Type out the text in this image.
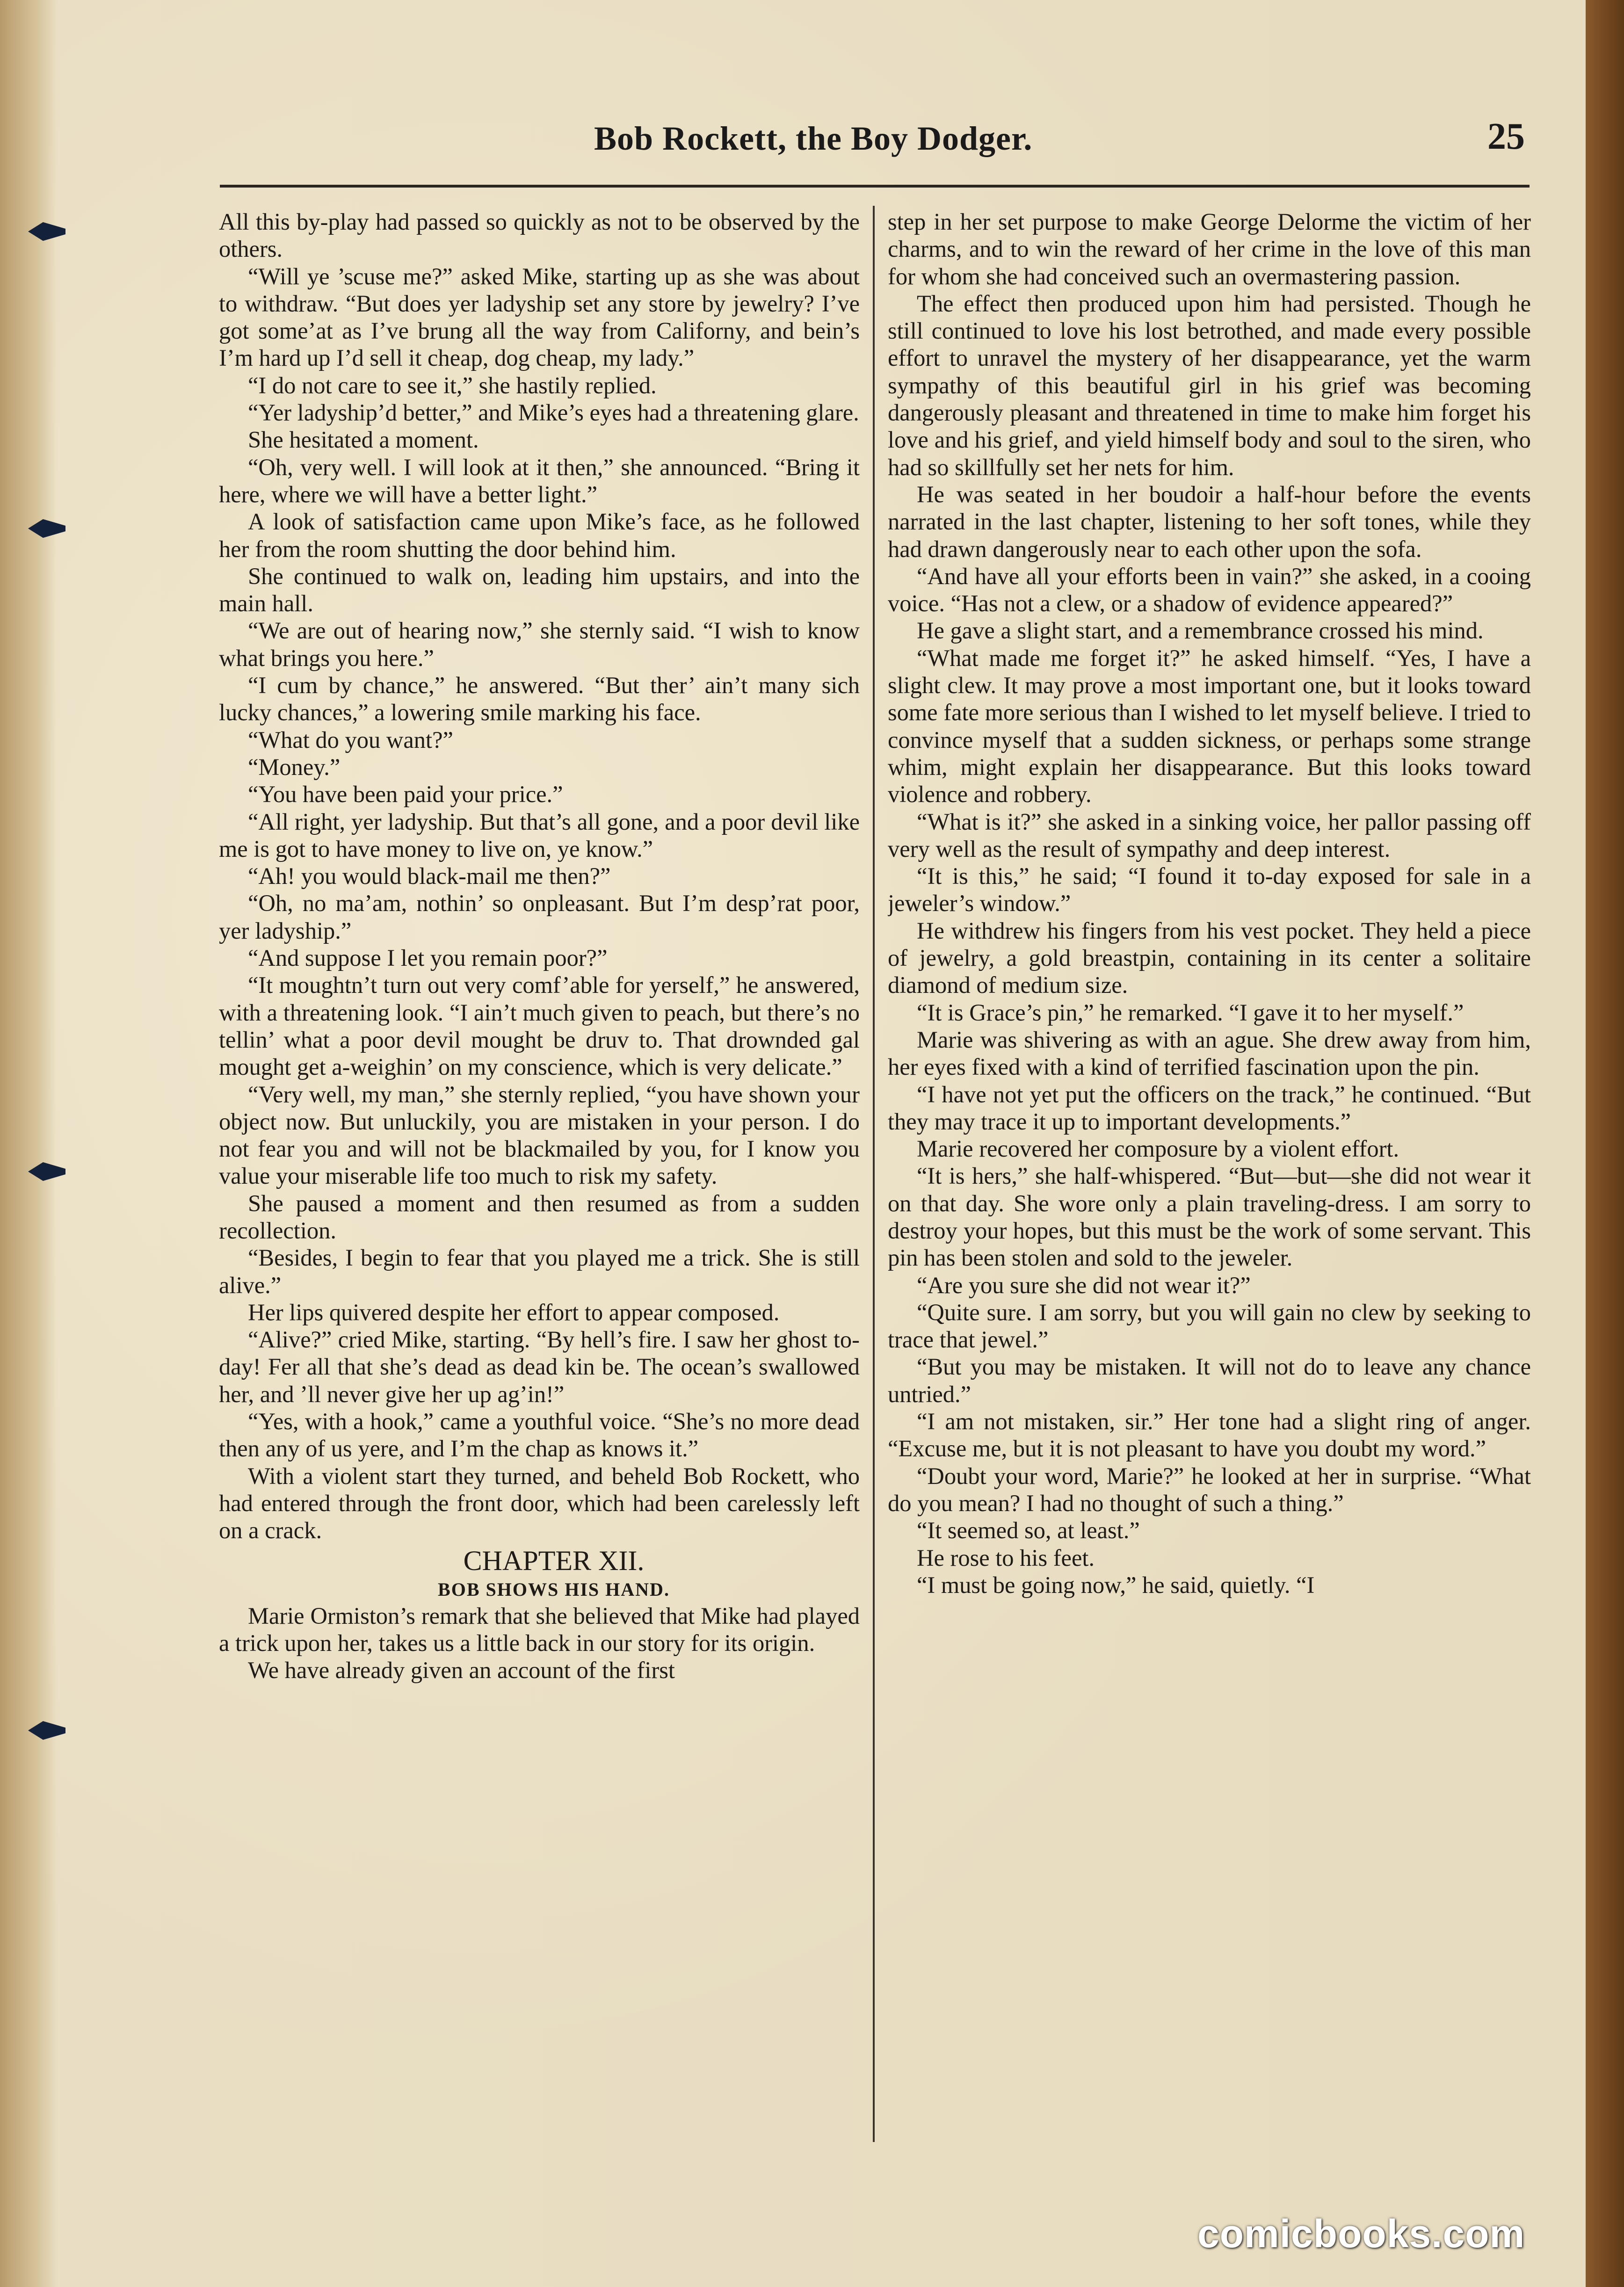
Bob Rockett, the Boy Dodger.	25

All this by-play had passed so quickly as not to be observed by the others.

“Will ye ’scuse me?” asked Mike, starting up as she was about to withdraw. “But does yer ladyship set any store by jewelry? I’ve got some’at as I’ve brung all the way from Californy, and bein’s I’m hard up I’d sell it cheap, dog cheap, my lady.”

“I do not care to see it,” she hastily replied.

“Yer ladyship’d better,” and Mike’s eyes had a threatening glare.

She hesitated a moment.

“Oh, very well. I will look at it then,” she announced. “Bring it here, where we will have a better light.”

A look of satisfaction came upon Mike’s face, as he followed her from the room shutting the door behind him.

She continued to walk on, leading him upstairs, and into the main hall.

“We are out of hearing now,” she sternly said. “I wish to know what brings you here.”

“I cum by chance,” he answered. “But ther’ ain’t many sich lucky chances,” a lowering smile marking his face.

“What do you want?”

“Money.”

“You have been paid your price.”

“All right, yer ladyship. But that’s all gone, and a poor devil like me is got to have money to live on, ye know.”

“Ah! you would black-mail me then?”

“Oh, no ma’am, nothin’ so onpleasant. But I’m desp’rat poor, yer ladyship.”

“And suppose I let you remain poor?”

“It moughtn’t turn out very comf’able for yerself,” he answered, with a threatening look. “I ain’t much given to peach, but there’s no tellin’ what a poor devil mought be druv to. That drownded gal mought get a-weighin’ on my conscience, which is very delicate.”

“Very well, my man,” she sternly replied, “you have shown your object now. But unluckily, you are mistaken in your person. I do not fear you and will not be blackmailed by you, for I know you value your miserable life too much to risk my safety.

She paused a moment and then resumed as from a sudden recollection.

“Besides, I begin to fear that you played me a trick. She is still alive.”

Her lips quivered despite her effort to appear composed.

“Alive?” cried Mike, starting. “By hell’s fire. I saw her ghost to-day! Fer all that she’s dead as dead kin be. The ocean’s swallowed her, and ’ll never give her up ag’in!”

“Yes, with a hook,” came a youthful voice. “She’s no more dead then any of us yere, and I’m the chap as knows it.”

With a violent start they turned, and beheld Bob Rockett, who had entered through the front door, which had been carelessly left on a crack.

CHAPTER XII.

BOB SHOWS HIS HAND.

Marie Ormiston’s remark that she believed that Mike had played a trick upon her, takes us a little back in our story for its origin.

We have already given an account of the first

step in her set purpose to make George Delorme the victim of her charms, and to win the reward of her crime in the love of this man for whom she had conceived such an overmastering passion.

The effect then produced upon him had persisted. Though he still continued to love his lost betrothed, and made every possible effort to unravel the mystery of her disappearance, yet the warm sympathy of this beautiful girl in his grief was becoming dangerously pleasant and threatened in time to make him forget his love and his grief, and yield himself body and soul to the siren, who had so skillfully set her nets for him.

He was seated in her boudoir a half-hour before the events narrated in the last chapter, listening to her soft tones, while they had drawn dangerously near to each other upon the sofa.

“And have all your efforts been in vain?” she asked, in a cooing voice. “Has not a clew, or a shadow of evidence appeared?”

He gave a slight start, and a remembrance crossed his mind.

“What made me forget it?” he asked himself. “Yes, I have a slight clew. It may prove a most important one, but it looks toward some fate more serious than I wished to let myself believe. I tried to convince myself that a sudden sickness, or perhaps some strange whim, might explain her disappearance. But this looks toward violence and robbery.

“What is it?” she asked in a sinking voice, her pallor passing off very well as the result of sympathy and deep interest.

“It is this,” he said; “I found it to-day exposed for sale in a jeweler’s window.”

He withdrew his fingers from his vest pocket. They held a piece of jewelry, a gold breastpin, containing in its center a solitaire diamond of medium size.

“It is Grace’s pin,” he remarked. “I gave it to her myself.”

Marie was shivering as with an ague. She drew away from him, her eyes fixed with a kind of terrified fascination upon the pin.

“I have not yet put the officers on the track,” he continued. “But they may trace it up to important developments.”

Marie recovered her composure by a violent effort.

“It is hers,” she half-whispered. “But—but—she did not wear it on that day. She wore only a plain traveling-dress. I am sorry to destroy your hopes, but this must be the work of some servant. This pin has been stolen and sold to the jeweler.

“Are you sure she did not wear it?”

“Quite sure. I am sorry, but you will gain no clew by seeking to trace that jewel.”

“But you may be mistaken. It will not do to leave any chance untried.”

“I am not mistaken, sir.” Her tone had a slight ring of anger. “Excuse me, but it is not pleasant to have you doubt my word.”

“Doubt your word, Marie?” he looked at her in surprise. “What do you mean? I had no thought of such a thing.”

“It seemed so, at least.”

He rose to his feet.

“I must be going now,” he said, quietly. “I

comicbooks.com
